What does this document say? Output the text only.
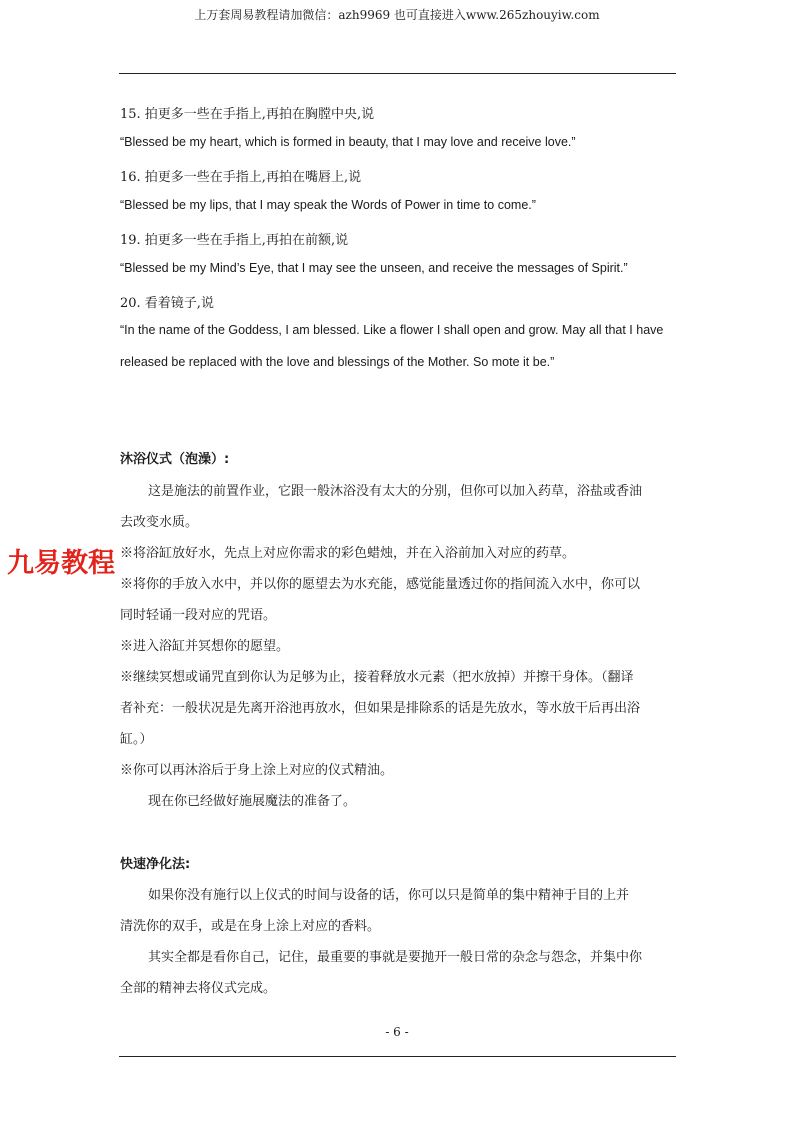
上万套周易教程请加微信：azh9969 也可直接进入www.265zhouyiw.com
15. 拍更多一些在手指上,再拍在胸膛中央,说
“Blessed be my heart, which is formed in beauty, that I may love and receive love.”
16. 拍更多一些在手指上,再拍在嘴唇上,说
“Blessed be my lips, that I may speak the Words of Power in time to come.”
19. 拍更多一些在手指上,再拍在前额,说
“Blessed be my Mind’s Eye, that I may see the unseen, and receive the messages of Spirit.”
20. 看着镜子,说
“In the name of the Goddess, I am blessed. Like a flower I shall open and grow. May all that I have
released be replaced with the love and blessings of the Mother. So mote it be.”
沐浴仪式（泡澡）:
这是施法的前置作业，它跟一般沐浴没有太大的分别，但你可以加入药草，浴盐或香油
去改变水质。
※将浴缸放好水，先点上对应你需求的彩色蜡烛，并在入浴前加入对应的药草。
※将你的手放入水中，并以你的愿望去为水充能，感觉能量透过你的指间流入水中，你可以
同时轻诵一段对应的咒语。
※进入浴缸并冥想你的愿望。
※继续冥想或诵咒直到你认为足够为止，接着释放水元素（把水放掉）并擦干身体。（翻译
者补充：一般状况是先离开浴池再放水，但如果是排除系的话是先放水，等水放干后再出浴
缸。）
※你可以再沐浴后于身上涂上对应的仪式精油。
现在你已经做好施展魔法的准备了。
快速净化法:
如果你没有施行以上仪式的时间与设备的话，你可以只是简单的集中精神于目的上并
清洗你的双手，或是在身上涂上对应的香料。
其实全都是看你自己，记住，最重要的事就是要抛开一般日常的杂念与怨念，并集中你
全部的精神去将仪式完成。
九易教程
- 6 -
